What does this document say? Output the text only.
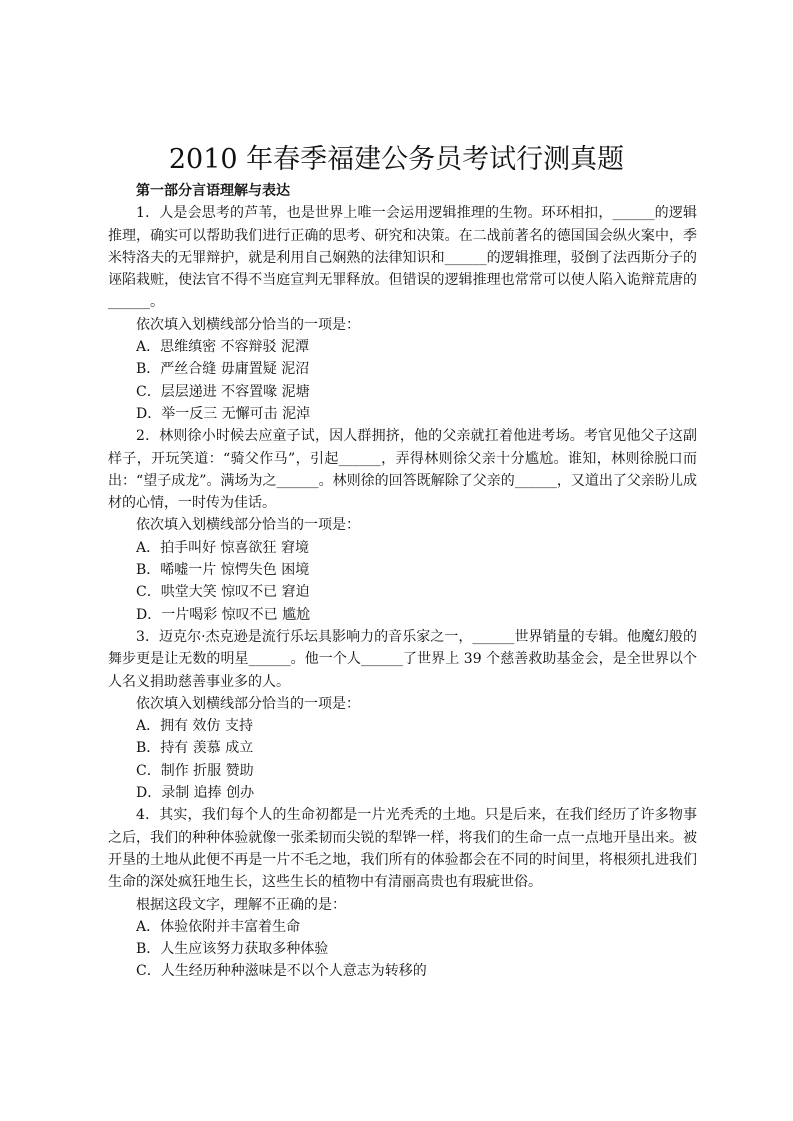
2010 年春季福建公务员考试行测真题
第一部分言语理解与表达

1．人是会思考的芦苇，也是世界上唯一会运用逻辑推理的生物。环环相扣，______的逻辑推理，确实可以帮助我们进行正确的思考、研究和决策。在二战前著名的德国国会纵火案中，季米特洛夫的无罪辩护，就是利用自己娴熟的法律知识和______的逻辑推理，驳倒了法西斯分子的诬陷栽赃，使法官不得不当庭宣判无罪释放。但错误的逻辑推理也常常可以使人陷入诡辩荒唐的______。

依次填入划横线部分恰当的一项是：

A．思维缜密 不容辩驳 泥潭

B．严丝合缝 毋庸置疑 泥沼

C．层层递进 不容置喙 泥塘

D．举一反三 无懈可击 泥淖

2．林则徐小时候去应童子试，因人群拥挤，他的父亲就扛着他进考场。考官见他父子这副样子，开玩笑道：“骑父作马”，引起______，弄得林则徐父亲十分尴尬。谁知，林则徐脱口而出：“望子成龙”。满场为之______。林则徐的回答既解除了父亲的______，又道出了父亲盼儿成材的心情，一时传为佳话。

依次填入划横线部分恰当的一项是：

A．拍手叫好 惊喜欲狂 窘境

B．唏嘘一片 惊愕失色 困境

C．哄堂大笑 惊叹不已 窘迫

D．一片喝彩 惊叹不已 尴尬

3．迈克尔·杰克逊是流行乐坛具影响力的音乐家之一，______世界销量的专辑。他魔幻般的舞步更是让无数的明星______。他一个人______了世界上 39 个慈善救助基金会，是全世界以个人名义捐助慈善事业多的人。

依次填入划横线部分恰当的一项是：

A．拥有 效仿 支持

B．持有 羡慕 成立

C．制作 折服 赞助

D．录制 追捧 创办

4．其实，我们每个人的生命初都是一片光秃秃的土地。只是后来，在我们经历了许多物事之后，我们的种种体验就像一张柔韧而尖锐的犁铧一样，将我们的生命一点一点地开垦出来。被开垦的土地从此便不再是一片不毛之地，我们所有的体验都会在不同的时间里，将根须扎进我们生命的深处疯狂地生长，这些生长的植物中有清丽高贵也有瑕疵世俗。

根据这段文字，理解不正确的是：

A．体验依附并丰富着生命

B．人生应该努力获取多种体验

C．人生经历种种滋味是不以个人意志为转移的
